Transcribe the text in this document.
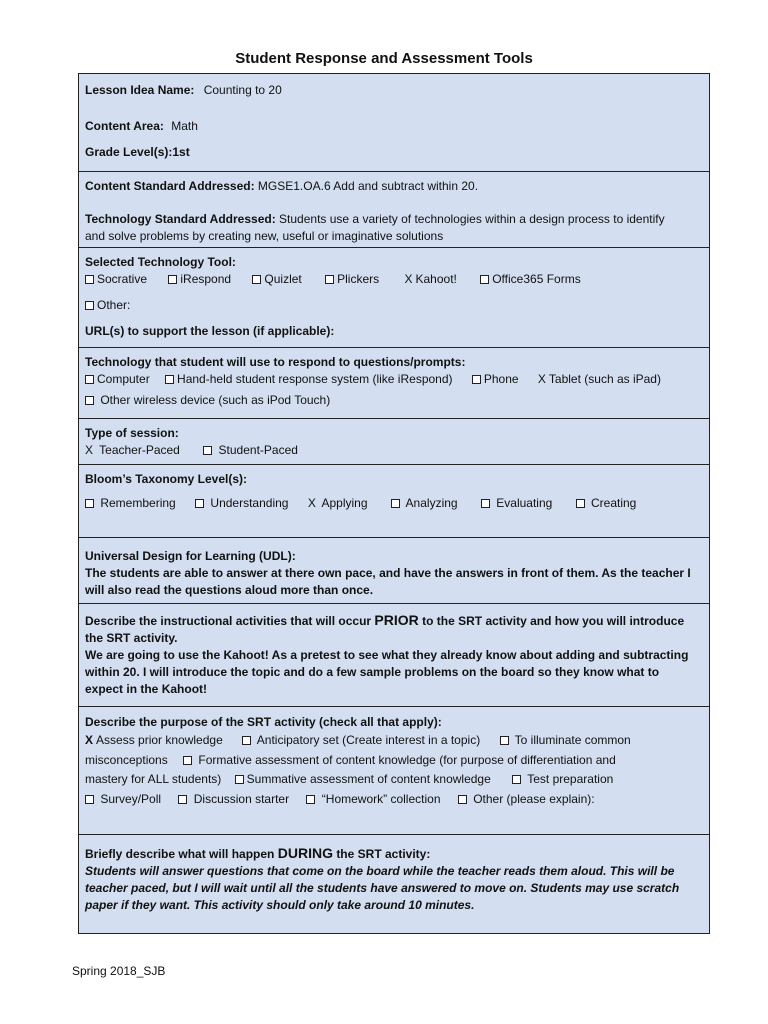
Student Response and Assessment Tools
Lesson Idea Name: Counting to 20
Content Area: Math
Grade Level(s):1st
Content Standard Addressed: MGSE1.OA.6 Add and subtract within 20.
Technology Standard Addressed: Students use a variety of technologies within a design process to identify
and solve problems by creating new, useful or imaginative solutions
Selected Technology Tool:
Socrative	iRespond	Quizlet	Plickers X Kahoot!	Office365 Forms
Other:
URL(s) to support the lesson (if applicable):
Technology that student will use to respond to questions/prompts:
Computer Hand-held student response system (like iRespond)	Phone X Tablet (such as iPad)
Other wireless device (such as iPod Touch)
Type of session:
X Teacher-Paced	Student-Paced
Bloom’s Taxonomy Level(s):
Remembering	Understanding X Applying	Analyzing	Evaluating	Creating
Universal Design for Learning (UDL):
The students are able to answer at there own pace, and have the answers in front of them. As the teacher I
will also read the questions aloud more than once.
Describe the instructional activities that will occur PRIOR to the SRT activity and how you will introduce
the SRT activity.
We are going to use the Kahoot! As a pretest to see what they already know about adding and subtracting
within 20. I will introduce the topic and do a few sample problems on the board so they know what to
expect in the Kahoot!
Describe the purpose of the SRT activity (check all that apply):
X Assess prior knowledge	Anticipatory set (Create interest in a topic)	To illuminate common
misconceptions	Formative assessment of content knowledge (for purpose of differentiation and
mastery for ALL students) Summative assessment of content knowledge	Test preparation
Survey/Poll	Discussion starter	“Homework” collection	Other (please explain):
Briefly describe what will happen DURING the SRT activity:
Students will answer questions that come on the board while the teacher reads them aloud. This will be
teacher paced, but I will wait until all the students have answered to move on. Students may use scratch
paper if they want. This activity should only take around 10 minutes.
Spring 2018_SJB
